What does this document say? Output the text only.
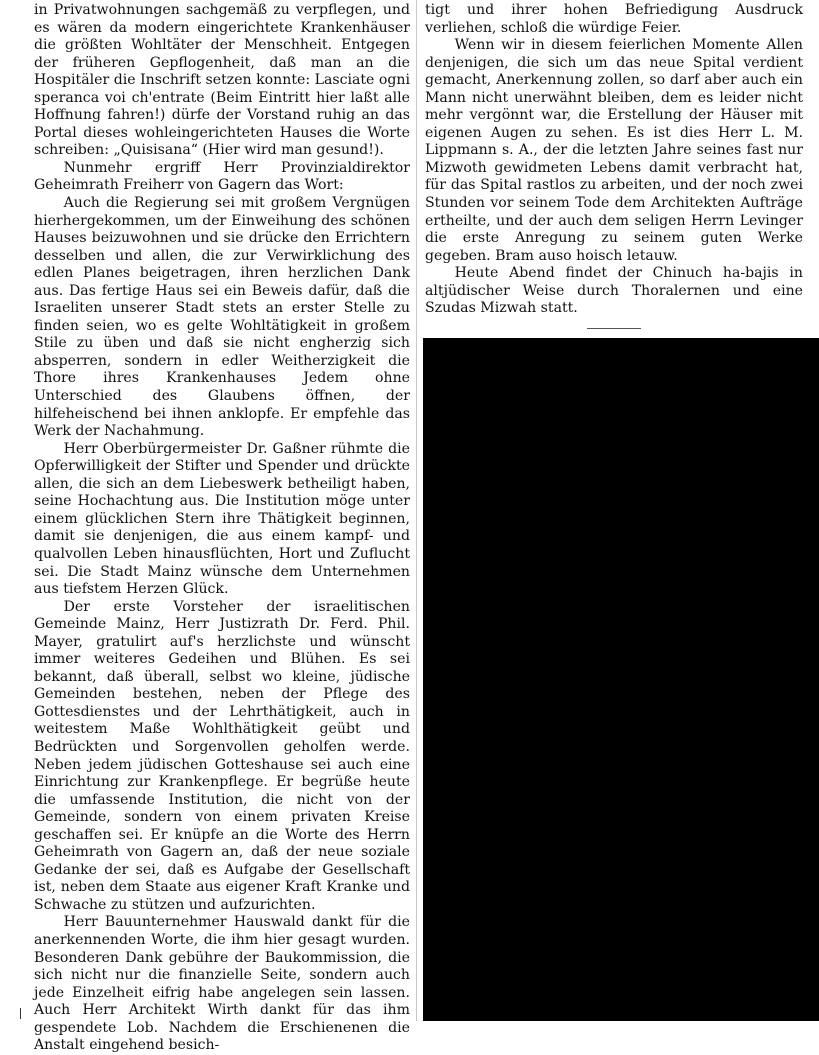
in Privatwohnungen sachgemäß zu verpflegen, und es wären da modern eingerichtete Krankenhäuser die größten Wohltäter der Menschheit. Entgegen der früheren Gepflogenheit, daß man an die Hospitäler die Inschrift setzen konnte: Lasciate ogni speranca voi ch'entrate (Beim Eintritt hier laßt alle Hoffnung fahren!) dürfe der Vorstand ruhig an das Portal dieses wohleingerichteten Hauses die Worte schreiben: „Quisisana“ (Hier wird man gesund!).

Nunmehr ergriff Herr Provinzialdirektor Geheimrath Freiherr von Gagern das Wort:

Auch die Regierung sei mit großem Vergnügen hierhergekommen, um der Einweihung des schönen Hauses beizuwohnen und sie drücke den Errichtern desselben und allen, die zur Verwirklichung des edlen Planes beigetragen, ihren herzlichen Dank aus. Das fertige Haus sei ein Beweis dafür, daß die Israeliten unserer Stadt stets an erster Stelle zu finden seien, wo es gelte Wohltätigkeit in großem Stile zu üben und daß sie nicht engherzig sich absperren, sondern in edler Weitherzigkeit die Thore ihres Krankenhauses Jedem ohne Unterschied des Glaubens öffnen, der hilfeheischend bei ihnen anklopfe. Er empfehle das Werk der Nachahmung.

Herr Oberbürgermeister Dr. Gaßner rühmte die Opferwilligkeit der Stifter und Spender und drückte allen, die sich an dem Liebeswerk betheiligt haben, seine Hochachtung aus. Die Institution möge unter einem glücklichen Stern ihre Thätigkeit beginnen, damit sie denjenigen, die aus einem kampf- und qualvollen Leben hinausflüchten, Hort und Zuflucht sei. Die Stadt Mainz wünsche dem Unternehmen aus tiefstem Herzen Glück.

Der erste Vorsteher der israelitischen Gemeinde Mainz, Herr Justizrath Dr. Ferd. Phil. Mayer, gratulirt auf's herzlichste und wünscht immer weiteres Gedeihen und Blühen. Es sei bekannt, daß überall, selbst wo kleine, jüdische Gemeinden bestehen, neben der Pflege des Gottesdienstes und der Lehrthätigkeit, auch in weitestem Maße Wohlthätigkeit geübt und Bedrückten und Sorgenvollen geholfen werde. Neben jedem jüdischen Gotteshause sei auch eine Einrichtung zur Krankenpflege. Er begrüße heute die umfassende Institution, die nicht von der Gemeinde, sondern von einem privaten Kreise geschaffen sei. Er knüpfe an die Worte des Herrn Geheimrath von Gagern an, daß der neue soziale Gedanke der sei, daß es Aufgabe der Gesellschaft ist, neben dem Staate aus eigener Kraft Kranke und Schwache zu stützen und aufzurichten.

Herr Bauunternehmer Hauswald dankt für die anerkennenden Worte, die ihm hier gesagt wurden. Besonderen Dank gebühre der Baukommission, die sich nicht nur die finanzielle Seite, sondern auch jede Einzelheit eifrig habe angelegen sein lassen. Auch Herr Architekt Wirth dankt für das ihm gespendete Lob. Nachdem die Erschienenen die Anstalt eingehend besich-

tigt und ihrer hohen Befriedigung Ausdruck verliehen, schloß die würdige Feier.

Wenn wir in diesem feierlichen Momente Allen denjenigen, die sich um das neue Spital verdient gemacht, Anerkennung zollen, so darf aber auch ein Mann nicht unerwähnt bleiben, dem es leider nicht mehr vergönnt war, die Erstellung der Häuser mit eigenen Augen zu sehen. Es ist dies Herr L. M. Lippmann s. A., der die letzten Jahre seines fast nur Mizwoth gewidmeten Lebens damit verbracht hat, für das Spital rastlos zu arbeiten, und der noch zwei Stunden vor seinem Tode dem Architekten Aufträge ertheilte, und der auch dem seligen Herrn Levinger die erste Anregung zu seinem guten Werke gegeben. Bram auso hoisch letauw.

Heute Abend findet der Chinuch ha-bajis in altjüdischer Weise durch Thoralernen und eine Szudas Mizwah statt.
